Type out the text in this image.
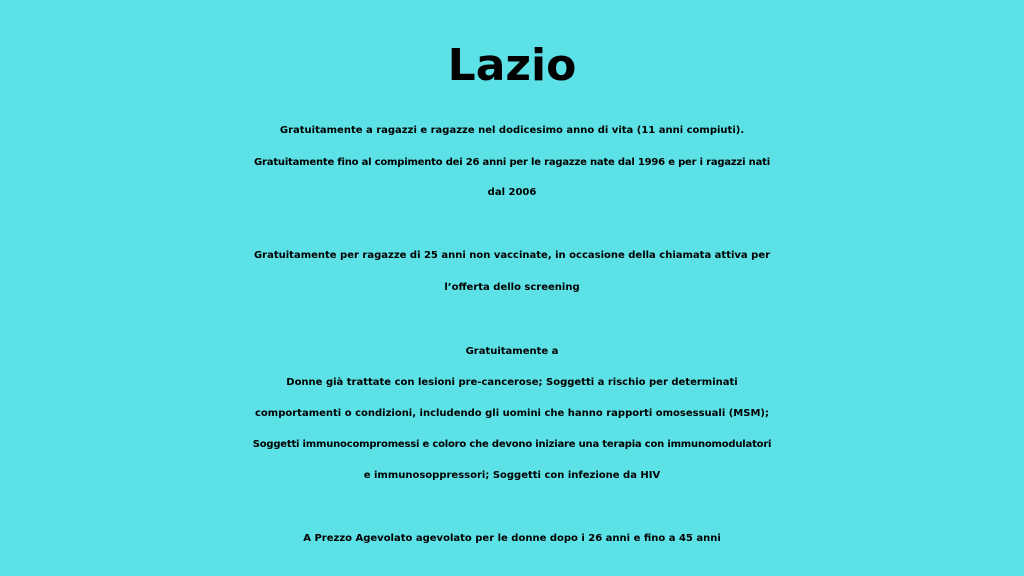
Lazio
Gratuitamente a ragazzi e ragazze nel dodicesimo anno di vita (11 anni compiuti).
Gratuitamente fino al compimento dei 26 anni per le ragazze nate dal 1996 e per i ragazzi nati
dal 2006
Gratuitamente per ragazze di 25 anni non vaccinate, in occasione della chiamata attiva per
l’offerta dello screening
Gratuitamente a
Donne già trattate con lesioni pre-cancerose; Soggetti a rischio per determinati
comportamenti o condizioni, includendo gli uomini che hanno rapporti omosessuali (MSM);
Soggetti immunocompromessi e coloro che devono iniziare una terapia con immunomodulatori
e immunosoppressori; Soggetti con infezione da HIV
A Prezzo Agevolato agevolato per le donne dopo i 26 anni e fino a 45 anni
